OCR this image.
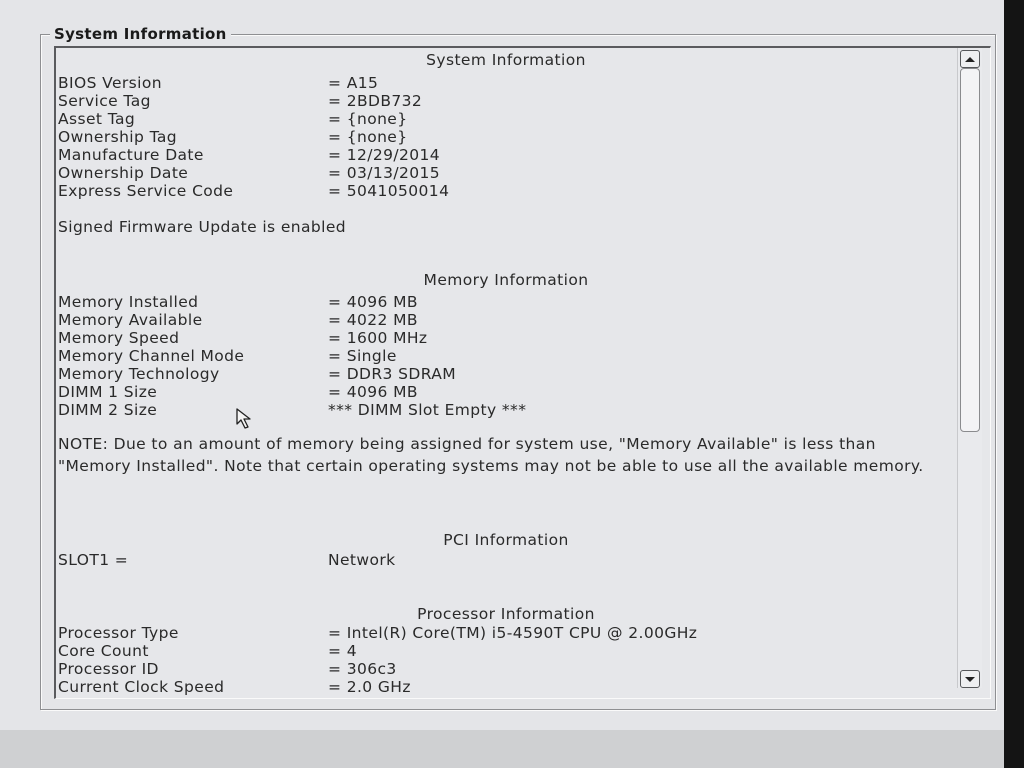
System Information
System Information
BIOS Version	= A15
Service Tag	= 2BDB732
Asset Tag	= {none}
Ownership Tag	= {none}
Manufacture Date	= 12/29/2014
Ownership Date	= 03/13/2015
Express Service Code	= 5041050014
Signed Firmware Update is enabled
Memory Information
Memory Installed	= 4096 MB
Memory Available	= 4022 MB
Memory Speed	= 1600 MHz
Memory Channel Mode	= Single
Memory Technology	= DDR3 SDRAM
DIMM 1 Size	= 4096 MB
DIMM 2 Size	*** DIMM Slot Empty ***
NOTE: Due to an amount of memory being assigned for system use, "Memory Available" is less than "Memory Installed". Note that certain operating systems may not be able to use all the available memory.
PCI Information
SLOT1 =	Network
Processor Information
Processor Type	= Intel(R) Core(TM) i5-4590T CPU @ 2.00GHz
Core Count	= 4
Processor ID	= 306c3
Current Clock Speed	= 2.0 GHz
